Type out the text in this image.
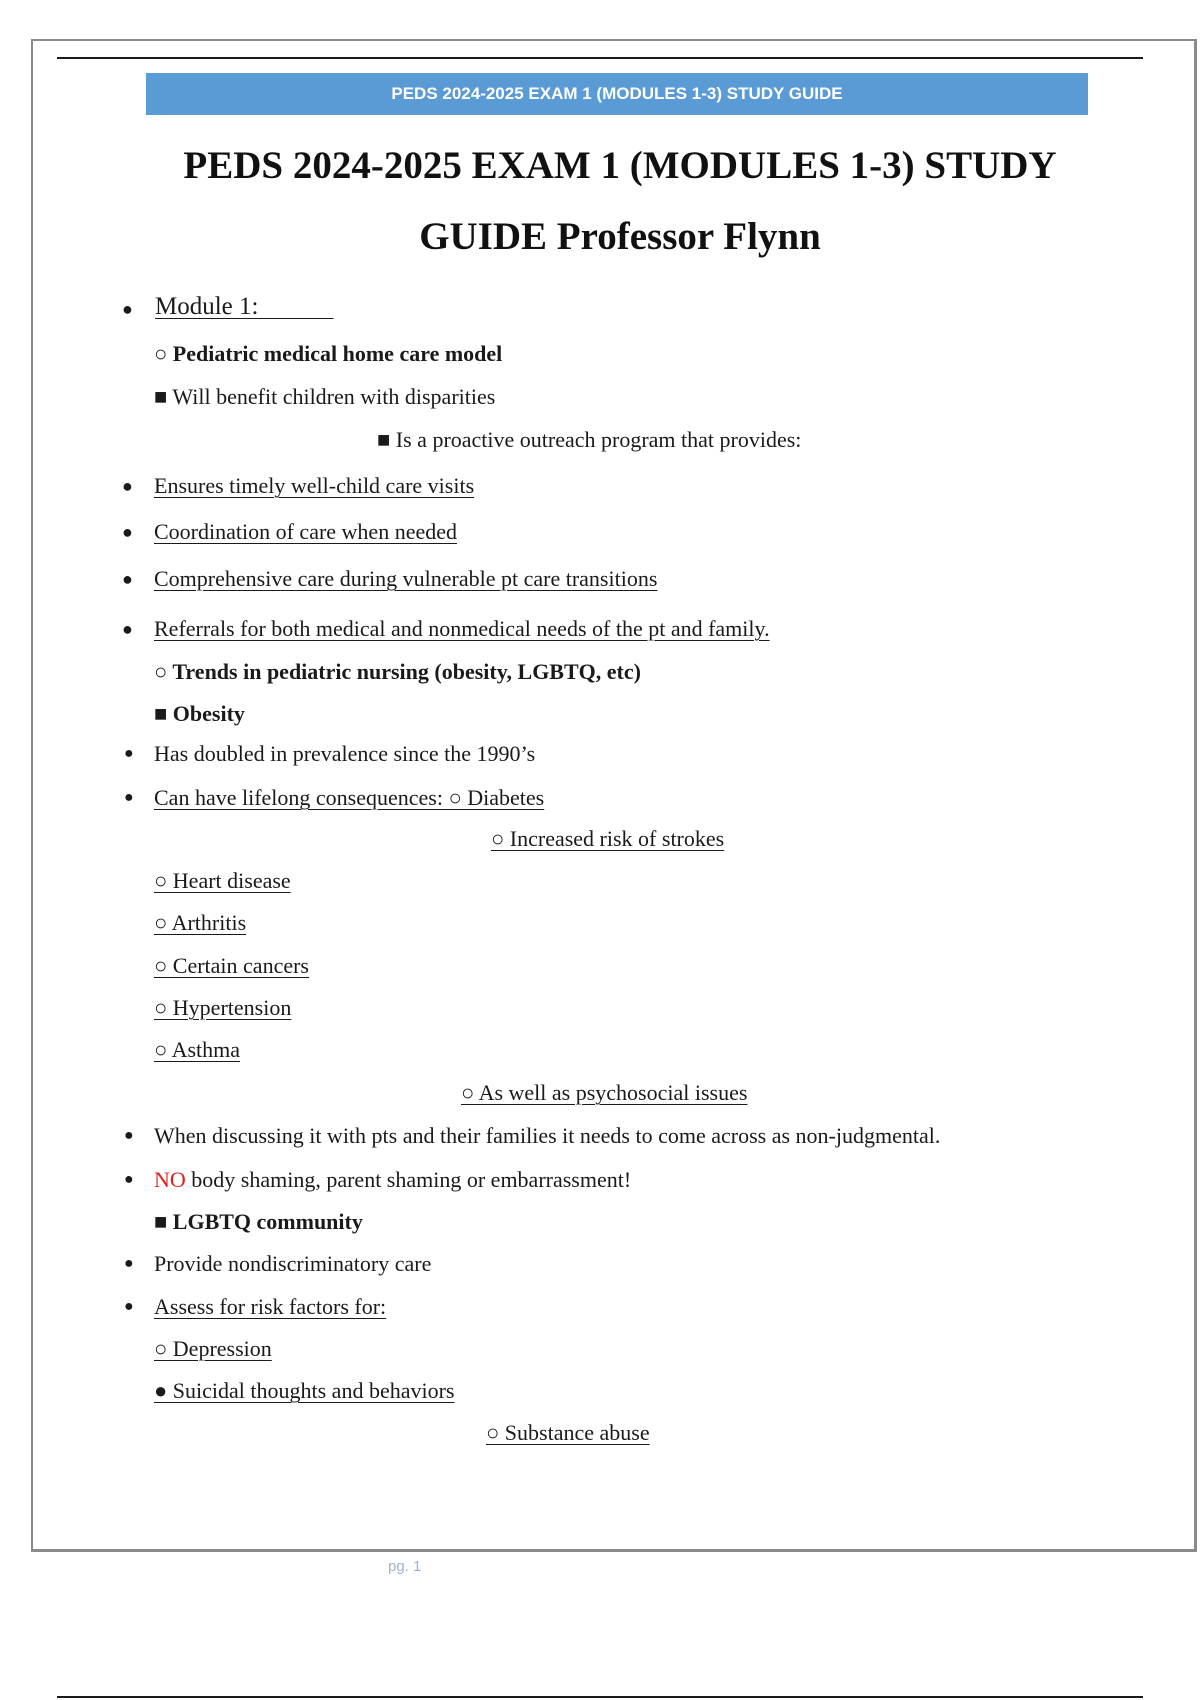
PEDS 2024-2025 EXAM 1 (MODULES 1-3) STUDY GUIDE
PEDS 2024-2025 EXAM 1 (MODULES 1-3) STUDY
GUIDE Professor Flynn
● Module 1:
○ Pediatric medical home care model
■ Will benefit children with disparities
■ Is a proactive outreach program that provides:
● Ensures timely well-child care visits
● Coordination of care when needed
● Comprehensive care during vulnerable pt care transitions
● Referrals for both medical and nonmedical needs of the pt and family.
○ Trends in pediatric nursing (obesity, LGBTQ, etc)
■ Obesity
● Has doubled in prevalence since the 1990’s
● Can have lifelong consequences: ○ Diabetes
○ Increased risk of strokes
○ Heart disease
○ Arthritis
○ Certain cancers
○ Hypertension
○ Asthma
○ As well as psychosocial issues
● When discussing it with pts and their families it needs to come across as non-judgmental.
● NO body shaming, parent shaming or embarrassment!
■ LGBTQ community
● Provide nondiscriminatory care
● Assess for risk factors for:
○ Depression
● Suicidal thoughts and behaviors
○ Substance abuse
pg. 1
